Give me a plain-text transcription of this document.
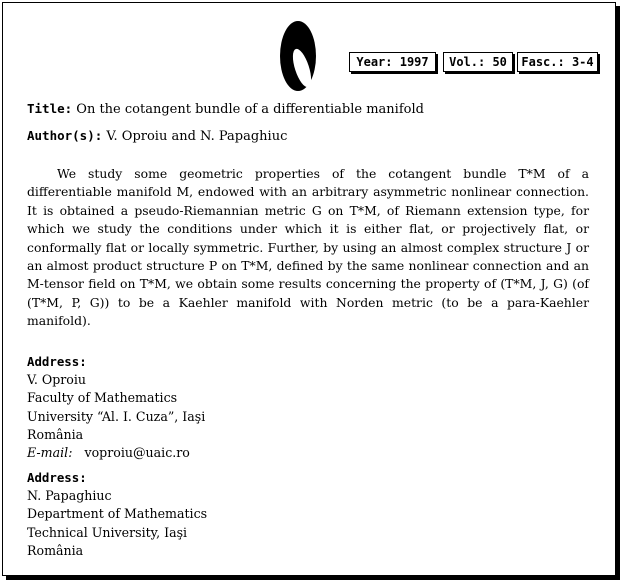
Year: 1997	Vol.: 50	Fasc.: 3-4
Title: On the cotangent bundle of a differentiable manifold
Author(s): V. Oproiu and N. Papaghiuc

We study some geometric properties of the cotangent bundle T*M of a differentiable manifold M, endowed with an arbitrary asymmetric nonlinear connection. It is obtained a pseudo-Riemannian metric G on T*M, of Riemann extension type, for which we study the conditions under which it is either flat, or projectively flat, or conformally flat or locally symmetric. Further, by using an almost complex structure J or an almost product structure P on T*M, defined by the same nonlinear connection and an M-tensor field on T*M, we obtain some results concerning the property of (T*M, J, G) (of (T*M, P, G)) to be a Kaehler manifold with Norden metric (to be a para-Kaehler manifold).

Address:
V. Oproiu
Faculty of Mathematics
University “Al. I. Cuza”, Iaşi
România
E-mail: voproiu@uaic.ro
Address:
N. Papaghiuc
Department of Mathematics
Technical University, Iaşi
România
